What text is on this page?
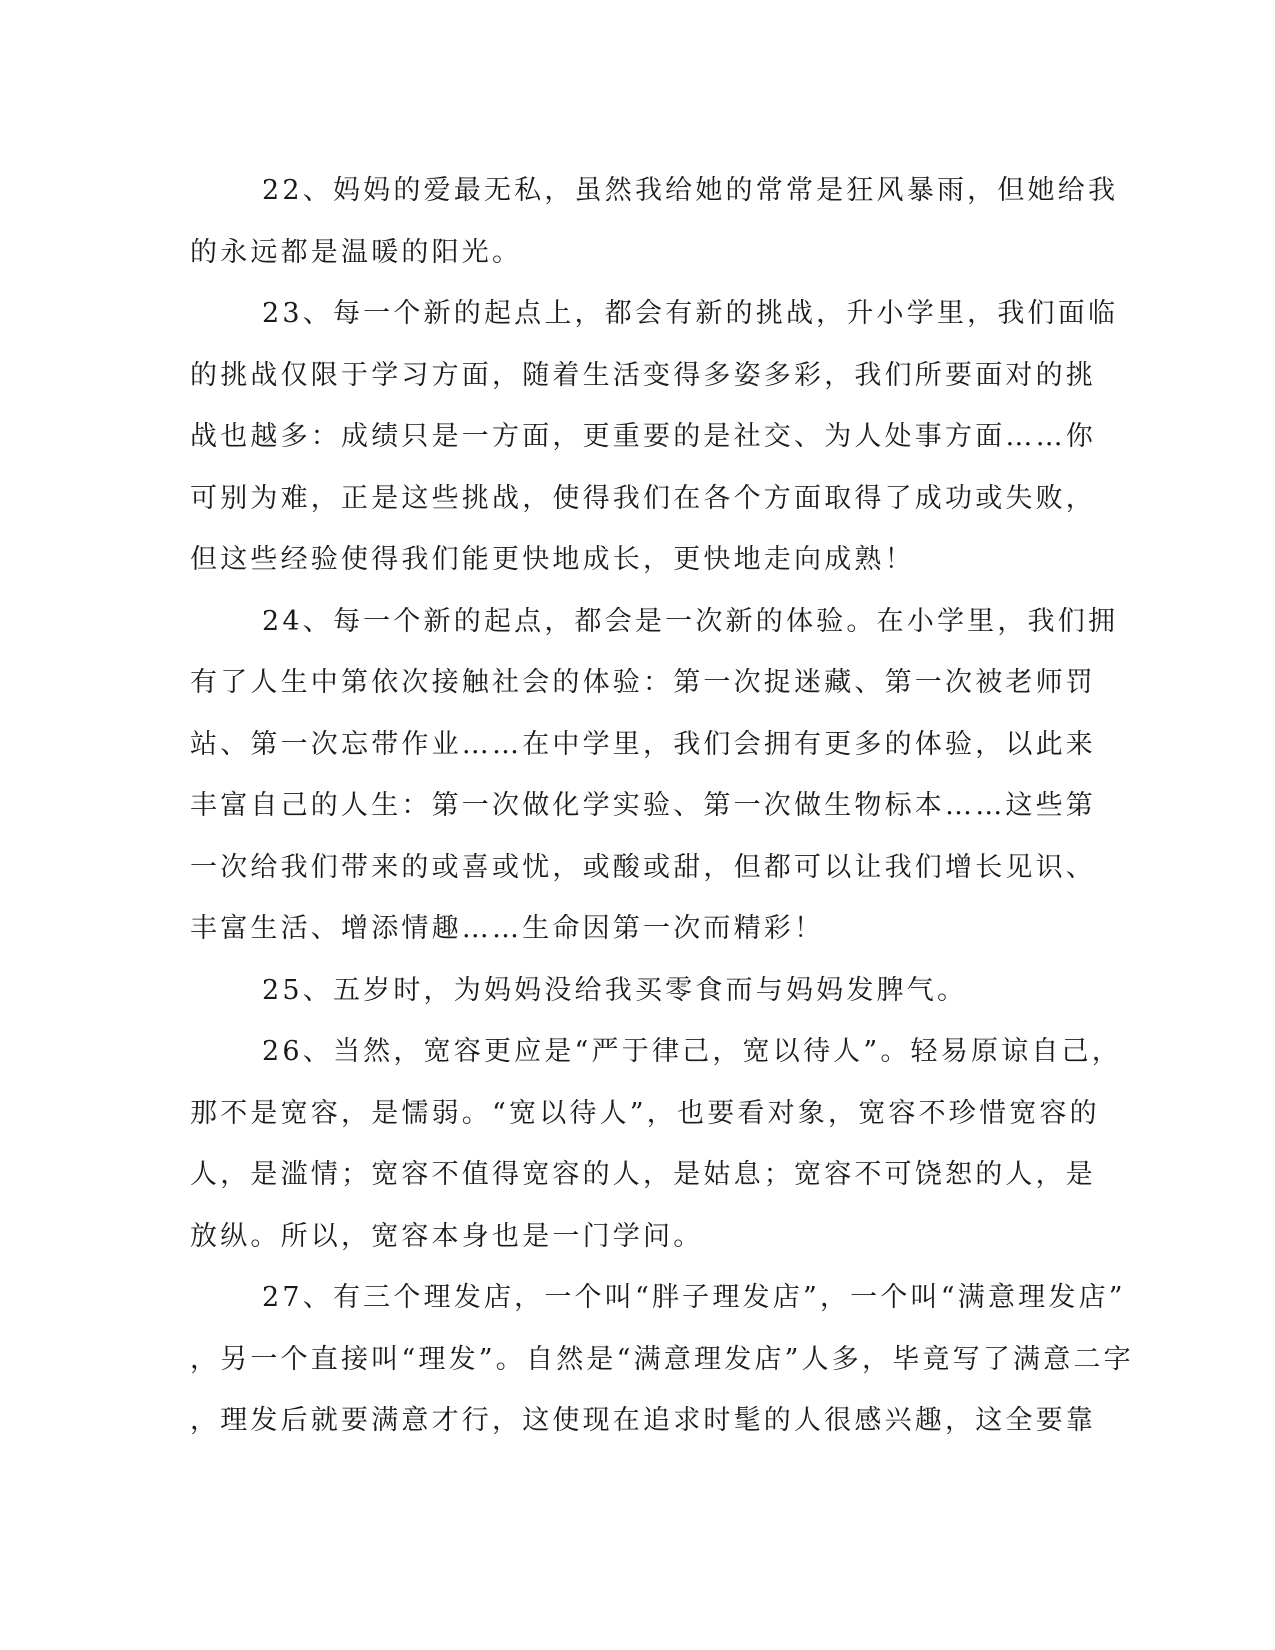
22、妈妈的爱最无私，虽然我给她的常常是狂风暴雨，但她给我
的永远都是温暖的阳光。
23、每一个新的起点上，都会有新的挑战，升小学里，我们面临
的挑战仅限于学习方面，随着生活变得多姿多彩，我们所要面对的挑
战也越多：成绩只是一方面，更重要的是社交、为人处事方面……你
可别为难，正是这些挑战，使得我们在各个方面取得了成功或失败，
但这些经验使得我们能更快地成长，更快地走向成熟！
24、每一个新的起点，都会是一次新的体验。在小学里，我们拥
有了人生中第依次接触社会的体验：第一次捉迷藏、第一次被老师罚
站、第一次忘带作业……在中学里，我们会拥有更多的体验，以此来
丰富自己的人生：第一次做化学实验、第一次做生物标本……这些第
一次给我们带来的或喜或忧，或酸或甜，但都可以让我们增长见识、
丰富生活、增添情趣……生命因第一次而精彩！
25、五岁时，为妈妈没给我买零食而与妈妈发脾气。
26、当然，宽容更应是“严于律己，宽以待人”。轻易原谅自己，
那不是宽容，是懦弱。“宽以待人”，也要看对象，宽容不珍惜宽容的
人，是滥情；宽容不值得宽容的人，是姑息；宽容不可饶恕的人，是
放纵。所以，宽容本身也是一门学问。
27、有三个理发店，一个叫“胖子理发店”，一个叫“满意理发店”
，另一个直接叫“理发”。自然是“满意理发店”人多，毕竟写了满意二字
，理发后就要满意才行，这使现在追求时髦的人很感兴趣，这全要靠
